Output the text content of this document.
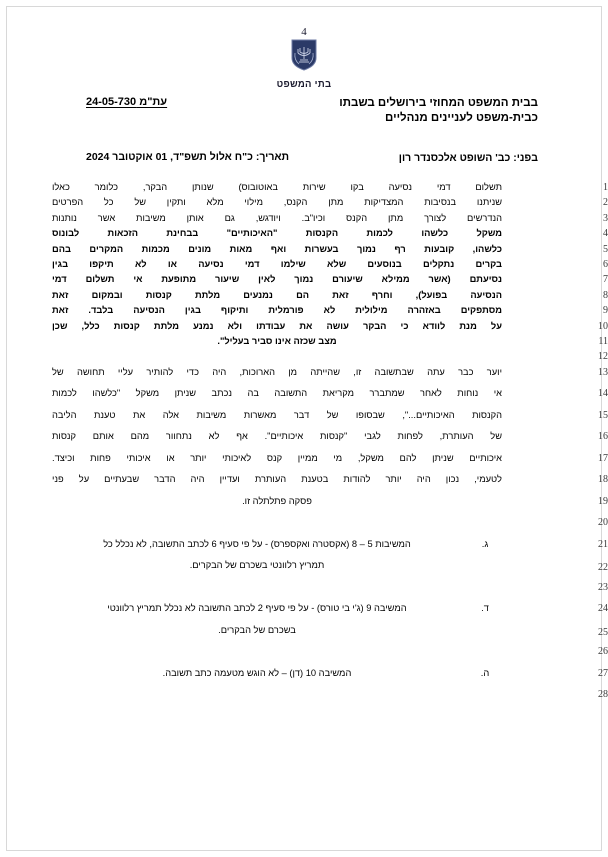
4
בתי המשפט
בבית המשפט המחוזי בירושלים בשבתו
כבית-משפט לעניינים מנהליים
עת"מ 24-05-730
בפני: כב' השופט אלכסנדר רון
תאריך: כ"ח אלול תשפ"ד, 01 אוקטובר 2024
תשלום דמי נסיעה בקו שירות באוטובוס) שנותן הבקר, כלומר כאלו	1
שניתנו בנסיבות המצדיקות מתן הקנס, מילוי מלא ותקין של כל הפרטים	2
הנדרשים לצורך מתן הקנס וכיו"ב. ויודגש, גם אותן משיבות אשר נותנות	3
משקל כלשהו לכמות הקנסות "האיכותיים" בבחינת הזכאות לבונוס	4
כלשהו, קובעות רף נמוך בעשרות ואף מאות מונים מכמות המקרים בהם	5
בקרים נתקלים בנוסעים שלא שילמו דמי נסיעה או לא תיקפו בגין	6
נסיעתם (אשר ממילא שיעורם נמוך לאין שיעור מתופעת אי תשלום דמי	7
הנסיעה בפועל), וחרף זאת הם נמנעים מלתת קנסות ובמקום זאת	8
מסתפקים באזהרה מילולית לא פורמלית ותיקוף בגין הנסיעה בלבד. זאת	9
על מנת לוודא כי הבקר עושה את עבודתו ולא נמנע מלתת קנסות כלל, שכן	10
מצב שכזה אינו סביר בעליל".	11
12
יוער כבר עתה שבתשובה זו, שהייתה מן הארוכות, היה כדי להותיר עליי תחושה של	13
אי נוחות לאחר שמתברר מקריאת התשובה בה נכתב שניתן משקל "כלשהו לכמות	14
הקנסות האיכותיים...", שבסופו של דבר מאשרות משיבות אלה את טענת הליבה	15
של העותרת, לפחות לגבי "קנסות איכותיים". אף לא נתחוור מהם אותם קנסות	16
איכותיים שניתן להם משקל, מי ממיין קנס לאיכותי יותר או איכותי פחות וכיצד.	17
לטעמי, נכון היה יותר להודות בטענת העותרת ועדיין היה הדבר שבעתיים על פני	18
פסקה פתלתלה זו.	19
20
ג.
המשיבות 5 – 8 (אקסטרה ואקספרס) - על פי סעיף 6 לכתב התשובה, לא נכלל כל	21
תמריץ רלוונטי בשכרם של הבקרים.	22
23
ד.
המשיבה 9 (ג'י בי טורס) - על פי סעיף 2 לכתב התשובה לא נכלל תמריץ רלוונטי	24
בשכרם של הבקרים.	25
26
ה.
המשיבה 10 (דן) – לא הוגש מטעמה כתב תשובה.	27
28
